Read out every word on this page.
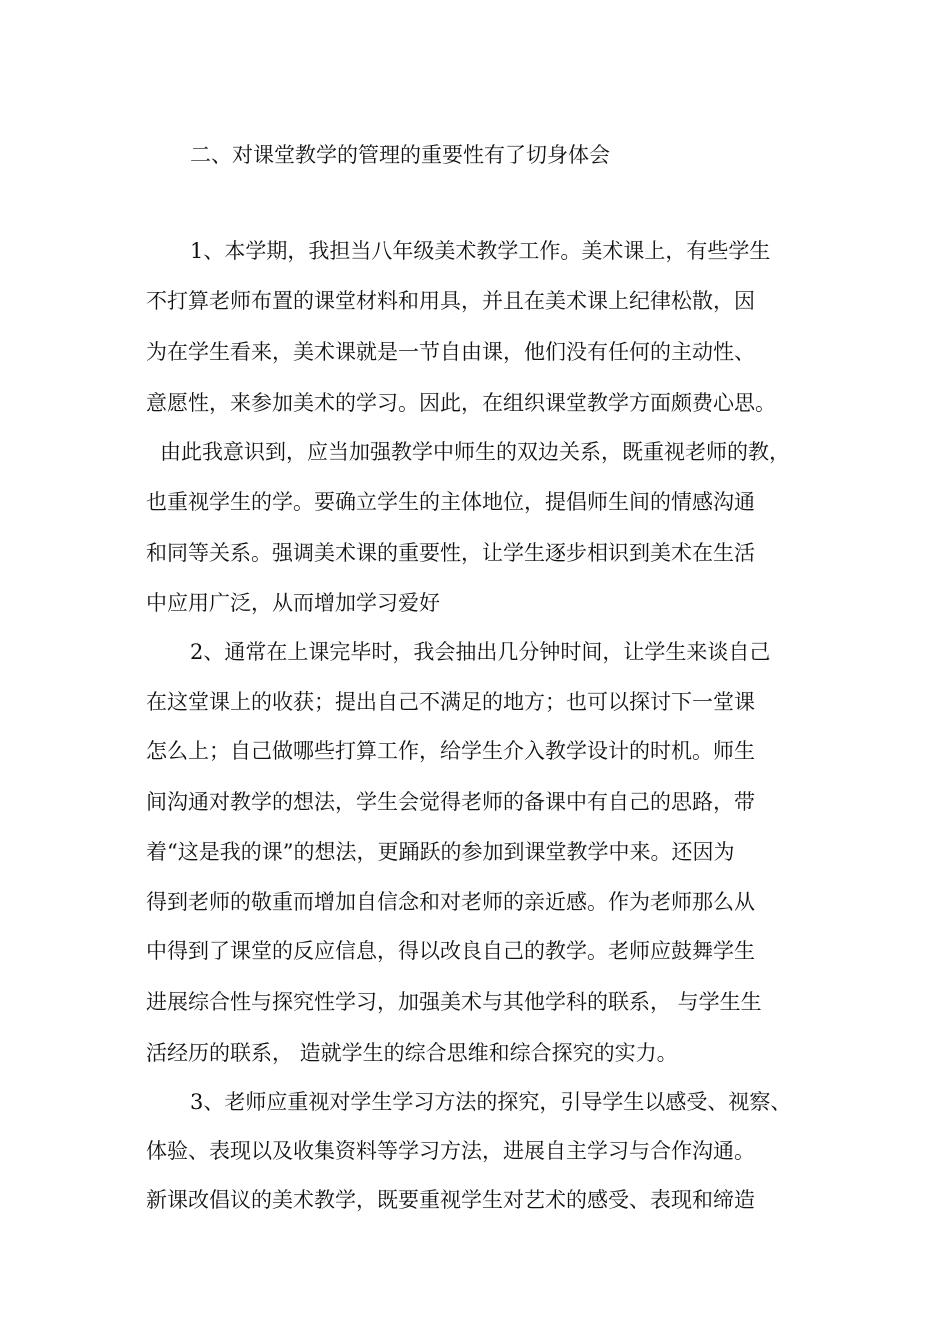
二、对课堂教学的管理的重要性有了切身体会
1、本学期，我担当八年级美术教学工作。美术课上，有些学生
不打算老师布置的课堂材料和用具，并且在美术课上纪律松散，因
为在学生看来，美术课就是一节自由课，他们没有任何的主动性、
意愿性，来参加美术的学习。因此，在组织课堂教学方面颇费心思。
由此我意识到，应当加强教学中师生的双边关系，既重视老师的教，
也重视学生的学。要确立学生的主体地位，提倡师生间的情感沟通
和同等关系。强调美术课的重要性，让学生逐步相识到美术在生活
中应用广泛，从而增加学习爱好
2、通常在上课完毕时，我会抽出几分钟时间，让学生来谈自己
在这堂课上的收获；提出自己不满足的地方；也可以探讨下一堂课
怎么上；自己做哪些打算工作，给学生介入教学设计的时机。师生
间沟通对教学的想法，学生会觉得老师的备课中有自己的思路，带
着“这是我的课”的想法，更踊跃的参加到课堂教学中来。还因为
得到老师的敬重而增加自信念和对老师的亲近感。作为老师那么从
中得到了课堂的反应信息，得以改良自己的教学。老师应鼓舞学生
进展综合性与探究性学习，加强美术与其他学科的联系， 与学生生
活经历的联系， 造就学生的综合思维和综合探究的实力。
3、老师应重视对学生学习方法的探究，引导学生以感受、视察、
体验、表现以及收集资料等学习方法，进展自主学习与合作沟通。
新课改倡议的美术教学，既要重视学生对艺术的感受、表现和缔造
